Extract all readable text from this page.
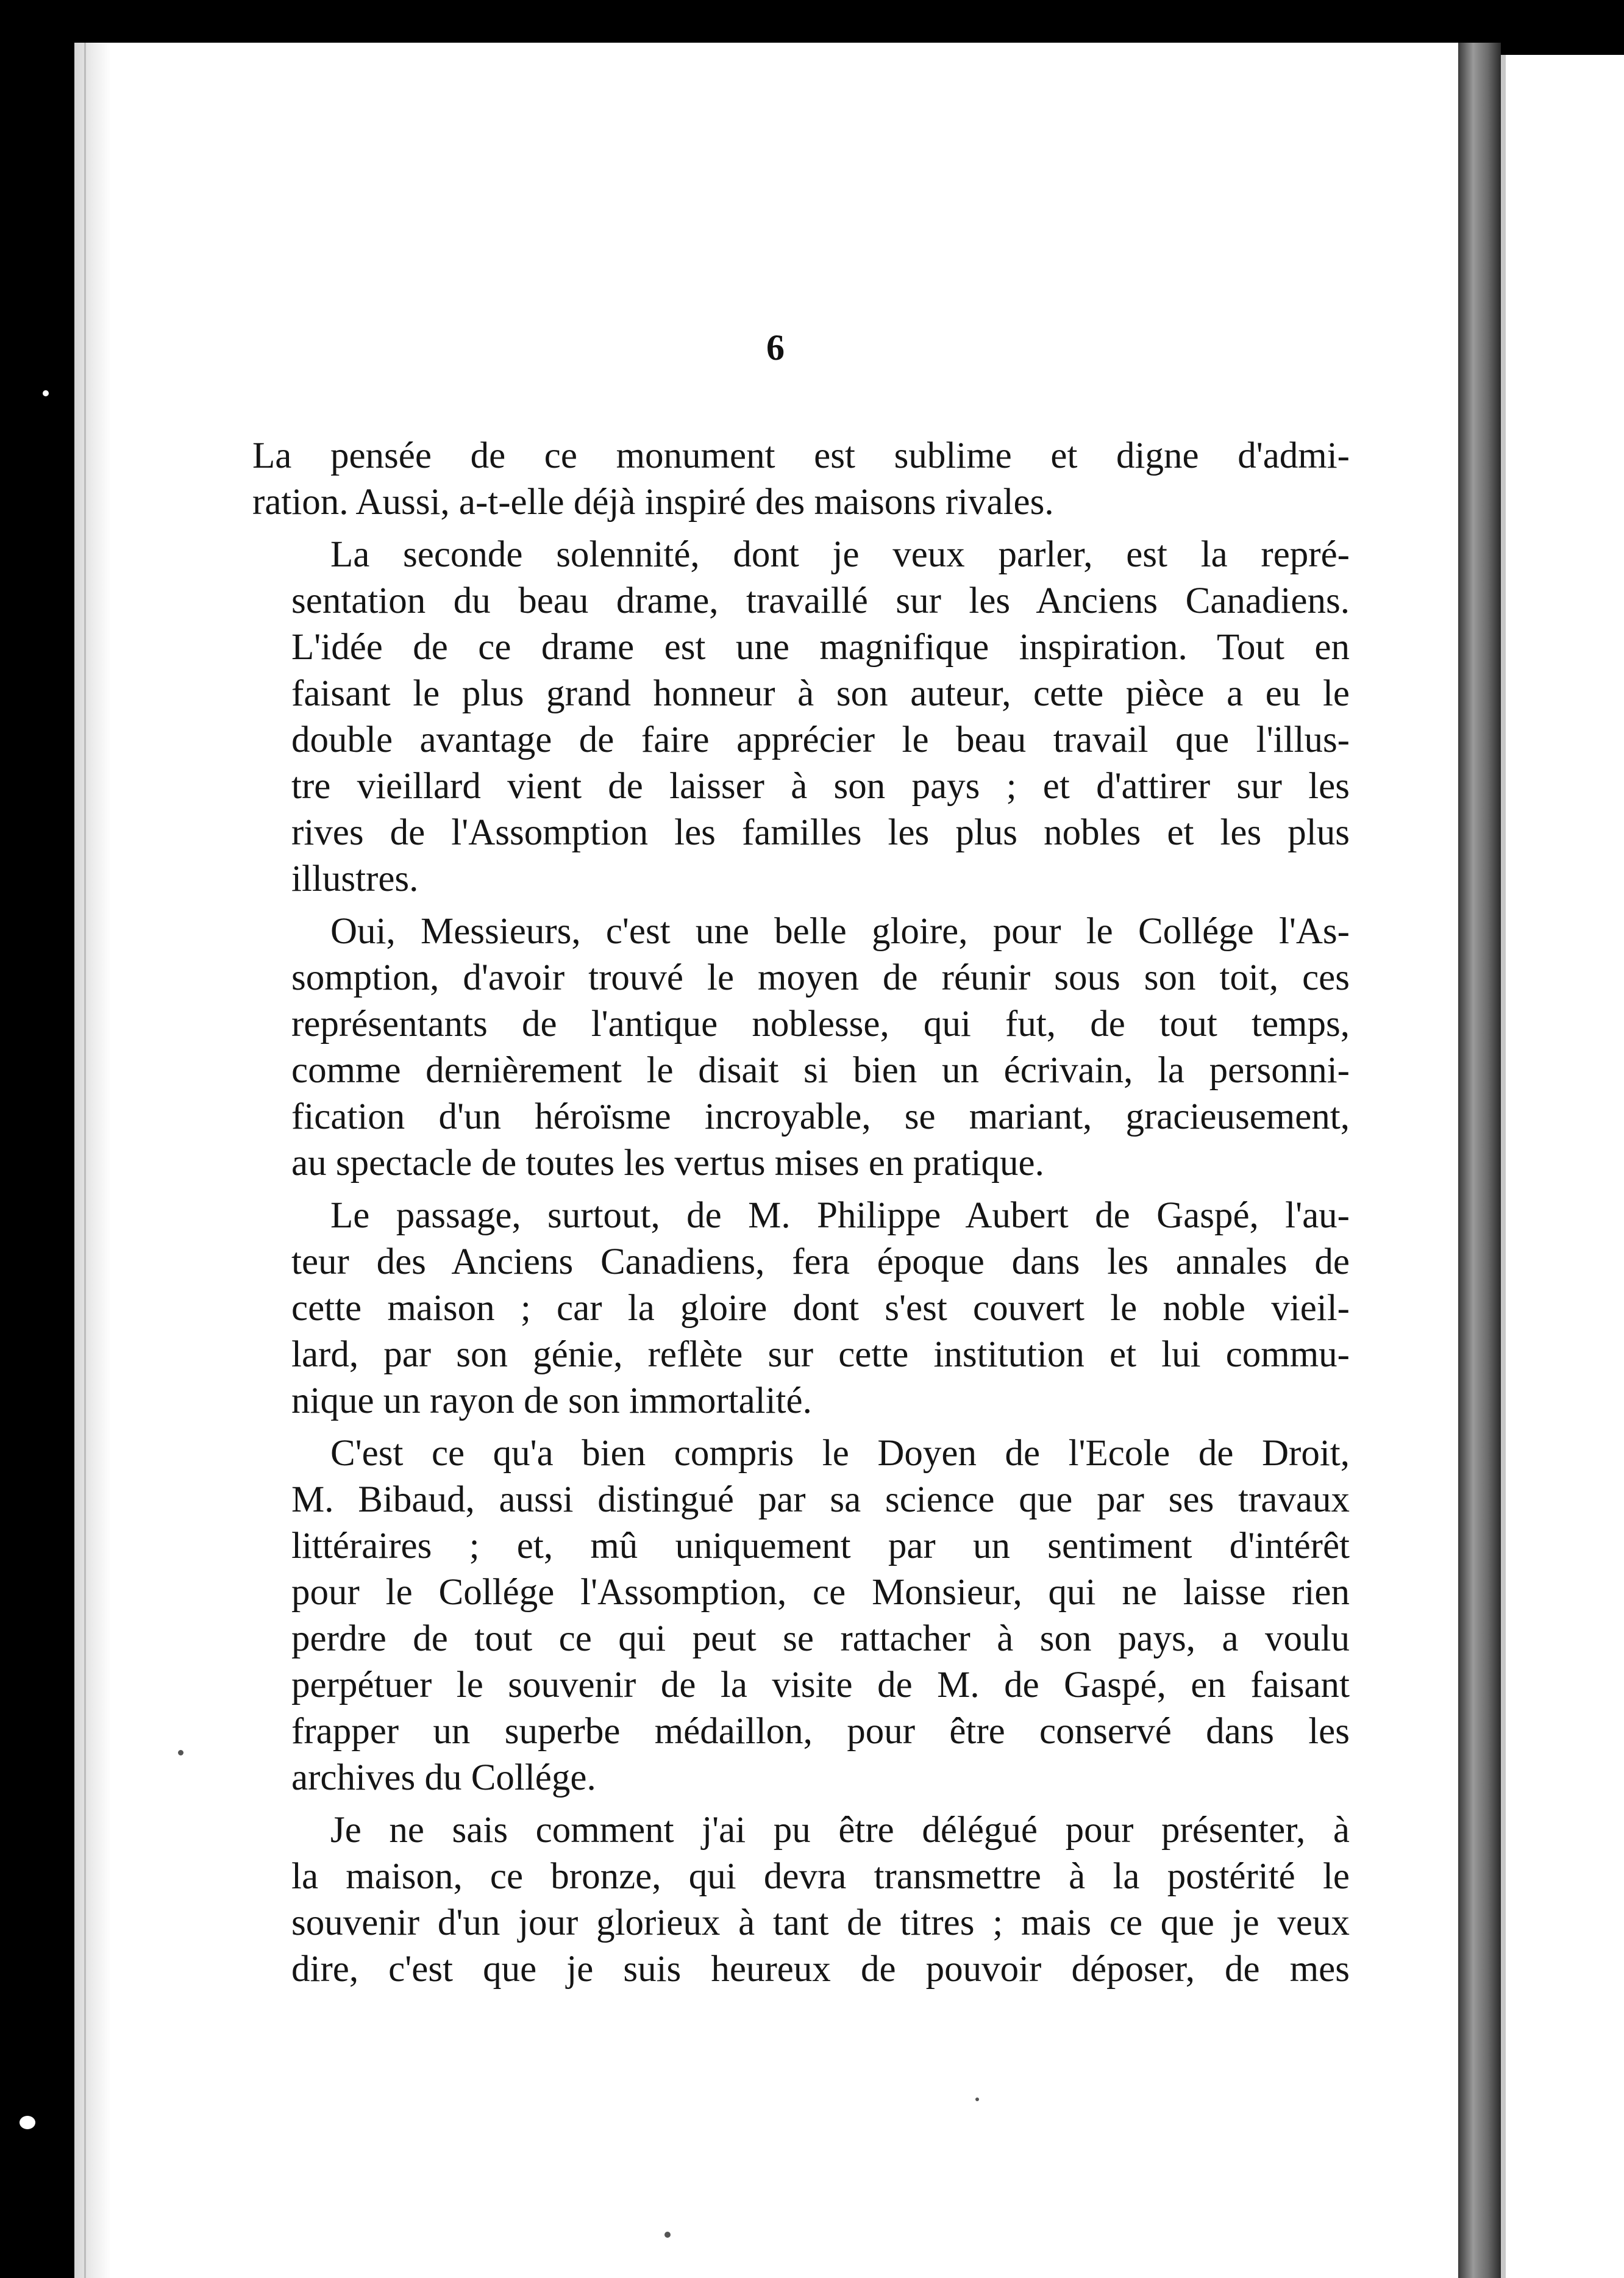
6

La pensée de ce monument est sublime et digne d'admi-
ration. Aussi, a-t-elle déjà inspiré des maisons rivales.

La seconde solennité, dont je veux parler, est la repré-
sentation du beau drame, travaillé sur les Anciens Canadiens.
L'idée de ce drame est une magnifique inspiration. Tout en
faisant le plus grand honneur à son auteur, cette pièce a eu le
double avantage de faire apprécier le beau travail que l'illus-
tre vieillard vient de laisser à son pays ; et d'attirer sur les
rives de l'Assomption les familles les plus nobles et les plus
illustres.

Oui, Messieurs, c'est une belle gloire, pour le Collége l'As-
somption, d'avoir trouvé le moyen de réunir sous son toit, ces
représentants de l'antique noblesse, qui fut, de tout temps,
comme dernièrement le disait si bien un écrivain, la personni-
fication d'un héroïsme incroyable, se mariant, gracieusement,
au spectacle de toutes les vertus mises en pratique.

Le passage, surtout, de M. Philippe Aubert de Gaspé, l'au-
teur des Anciens Canadiens, fera époque dans les annales de
cette maison ; car la gloire dont s'est couvert le noble vieil-
lard, par son génie, reflète sur cette institution et lui commu-
nique un rayon de son immortalité.

C'est ce qu'a bien compris le Doyen de l'Ecole de Droit,
M. Bibaud, aussi distingué par sa science que par ses travaux
littéraires ; et, mû uniquement par un sentiment d'intérêt
pour le Collége l'Assomption, ce Monsieur, qui ne laisse rien
perdre de tout ce qui peut se rattacher à son pays, a voulu
perpétuer le souvenir de la visite de M. de Gaspé, en faisant
frapper un superbe médaillon, pour être conservé dans les
archives du Collége.

Je ne sais comment j'ai pu être délégué pour présenter, à
la maison, ce bronze, qui devra transmettre à la postérité le
souvenir d'un jour glorieux à tant de titres ; mais ce que je veux
dire, c'est que je suis heureux de pouvoir déposer, de mes
